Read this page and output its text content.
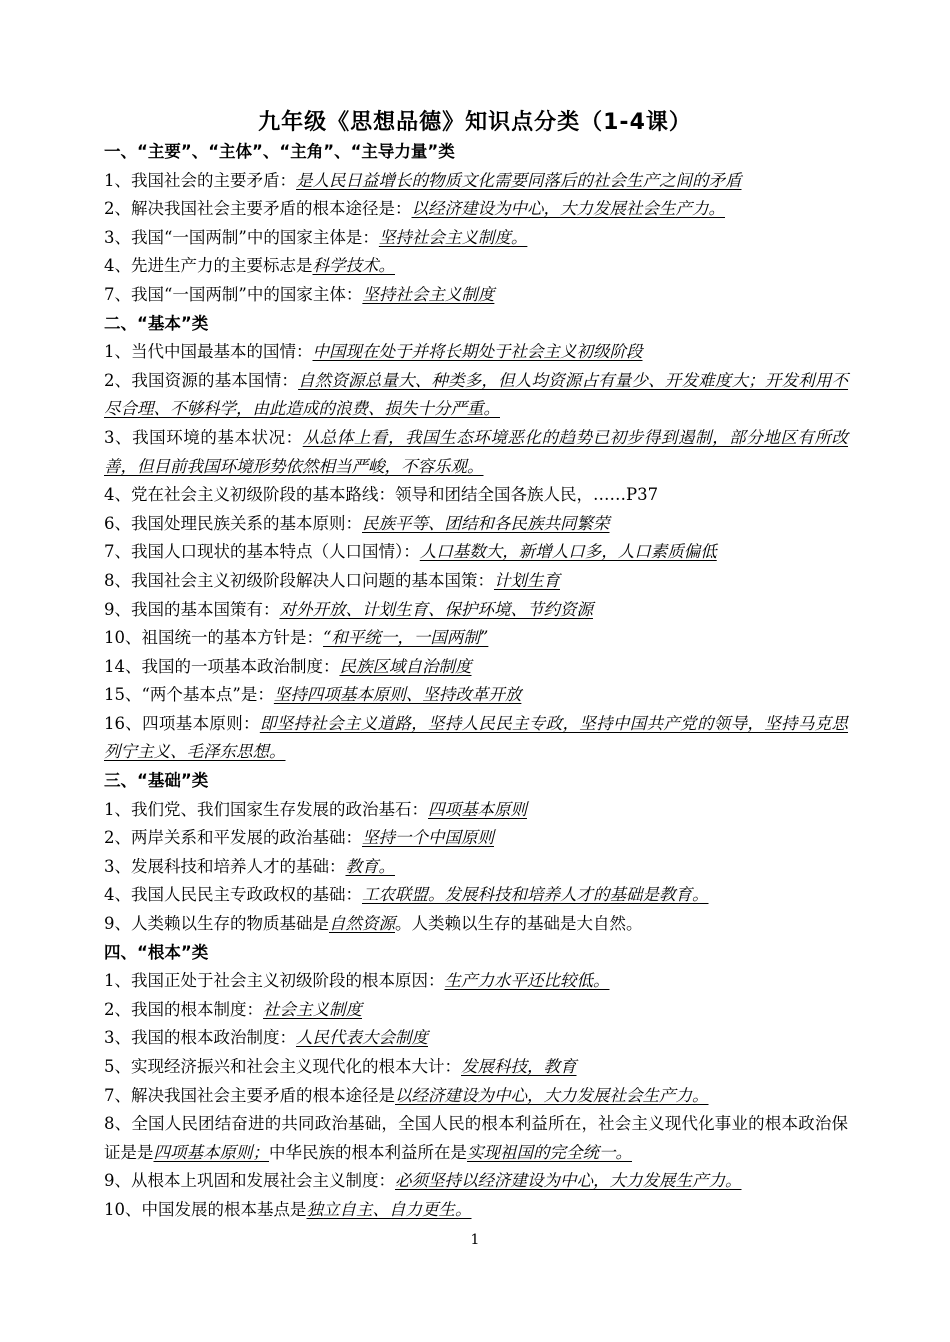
九年级《思想品德》知识点分类（1-4课）
一、“主要”、“主体”、“主角”、“主导力量”类
1、我国社会的主要矛盾：是人民日益增长的物质文化需要同落后的社会生产之间的矛盾
2、解决我国社会主要矛盾的根本途径是：以经济建设为中心，大力发展社会生产力。
3、我国“一国两制”中的国家主体是：坚持社会主义制度。
4、先进生产力的主要标志是科学技术。
7、我国“一国两制”中的国家主体：坚持社会主义制度
二、“基本”类
1、当代中国最基本的国情：中国现在处于并将长期处于社会主义初级阶段
2、我国资源的基本国情：自然资源总量大、种类多，但人均资源占有量少、开发难度大；开发利用不尽合理、不够科学，由此造成的浪费、损失十分严重。
3、我国环境的基本状况：从总体上看，我国生态环境恶化的趋势已初步得到遏制，部分地区有所改善，但目前我国环境形势依然相当严峻，不容乐观。
4、党在社会主义初级阶段的基本路线：领导和团结全国各族人民，……P37
6、我国处理民族关系的基本原则：民族平等、团结和各民族共同繁荣
7、我国人口现状的基本特点（人口国情）：人口基数大，新增人口多，人口素质偏低
8、我国社会主义初级阶段解决人口问题的基本国策：计划生育
9、我国的基本国策有：对外开放、计划生育、保护环境、节约资源
10、祖国统一的基本方针是：“和平统一，一国两制”
14、我国的一项基本政治制度：民族区域自治制度
15、“两个基本点”是：坚持四项基本原则、坚持改革开放
16、四项基本原则：即坚持社会主义道路，坚持人民民主专政，坚持中国共产党的领导，坚持马克思列宁主义、毛泽东思想。
三、“基础”类
1、我们党、我们国家生存发展的政治基石：四项基本原则
2、两岸关系和平发展的政治基础：坚持一个中国原则
3、发展科技和培养人才的基础：教育。
4、我国人民民主专政政权的基础：工农联盟。发展科技和培养人才的基础是教育。
9、人类赖以生存的物质基础是自然资源。人类赖以生存的基础是大自然。
四、“根本”类
1、我国正处于社会主义初级阶段的根本原因：生产力水平还比较低。
2、我国的根本制度：社会主义制度
3、我国的根本政治制度：人民代表大会制度
5、实现经济振兴和社会主义现代化的根本大计：发展科技，教育
7、解决我国社会主要矛盾的根本途径是以经济建设为中心，大力发展社会生产力。
8、全国人民团结奋进的共同政治基础，全国人民的根本利益所在，社会主义现代化事业的根本政治保证是是四项基本原则；中华民族的根本利益所在是实现祖国的完全统一。
9、从根本上巩固和发展社会主义制度：必须坚持以经济建设为中心，大力发展生产力。
10、中国发展的根本基点是独立自主、自力更生。
1
